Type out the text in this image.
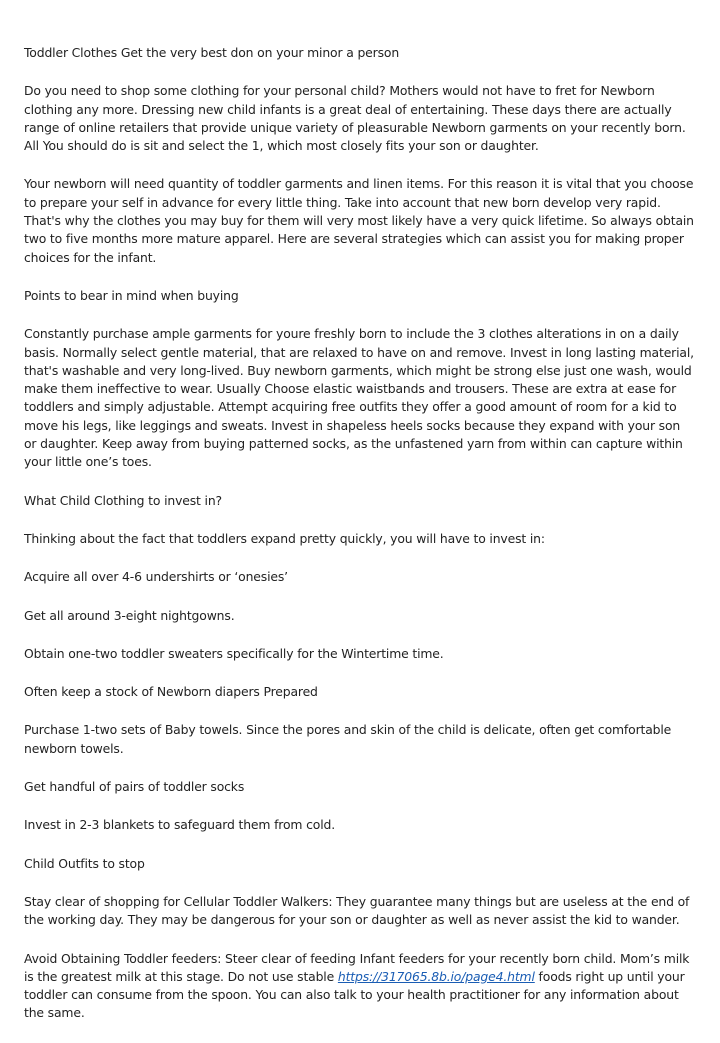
Toddler Clothes Get the very best don on your minor a person

Do you need to shop some clothing for your personal child? Mothers would not have to fret for Newborn clothing any more. Dressing new child infants is a great deal of entertaining. These days there are actually range of online retailers that provide unique variety of pleasurable Newborn garments on your recently born. All You should do is sit and select the 1, which most closely fits your son or daughter.

Your newborn will need quantity of toddler garments and linen items. For this reason it is vital that you choose to prepare your self in advance for every little thing. Take into account that new born develop very rapid. That's why the clothes you may buy for them will very most likely have a very quick lifetime. So always obtain two to five months more mature apparel. Here are several strategies which can assist you for making proper choices for the infant.

Points to bear in mind when buying

Constantly purchase ample garments for youre freshly born to include the 3 clothes alterations in on a daily basis. Normally select gentle material, that are relaxed to have on and remove. Invest in long lasting material, that's washable and very long-lived. Buy newborn garments, which might be strong else just one wash, would make them ineffective to wear. Usually Choose elastic waistbands and trousers. These are extra at ease for toddlers and simply adjustable. Attempt acquiring free outfits they offer a good amount of room for a kid to move his legs, like leggings and sweats. Invest in shapeless heels socks because they expand with your son or daughter. Keep away from buying patterned socks, as the unfastened yarn from within can capture within your little one’s toes.

What Child Clothing to invest in?

Thinking about the fact that toddlers expand pretty quickly, you will have to invest in:

Acquire all over 4-6 undershirts or ‘onesies’

Get all around 3-eight nightgowns.

Obtain one-two toddler sweaters specifically for the Wintertime time.

Often keep a stock of Newborn diapers Prepared

Purchase 1-two sets of Baby towels. Since the pores and skin of the child is delicate, often get comfortable newborn towels.

Get handful of pairs of toddler socks

Invest in 2-3 blankets to safeguard them from cold.

Child Outfits to stop

Stay clear of shopping for Cellular Toddler Walkers: They guarantee many things but are useless at the end of the working day. They may be dangerous for your son or daughter as well as never assist the kid to wander.

Avoid Obtaining Toddler feeders: Steer clear of feeding Infant feeders for your recently born child. Mom’s milk is the greatest milk at this stage. Do not use stable https://317065.8b.io/page4.html foods right up until your toddler can consume from the spoon. You can also talk to your health practitioner for any information about the same.
